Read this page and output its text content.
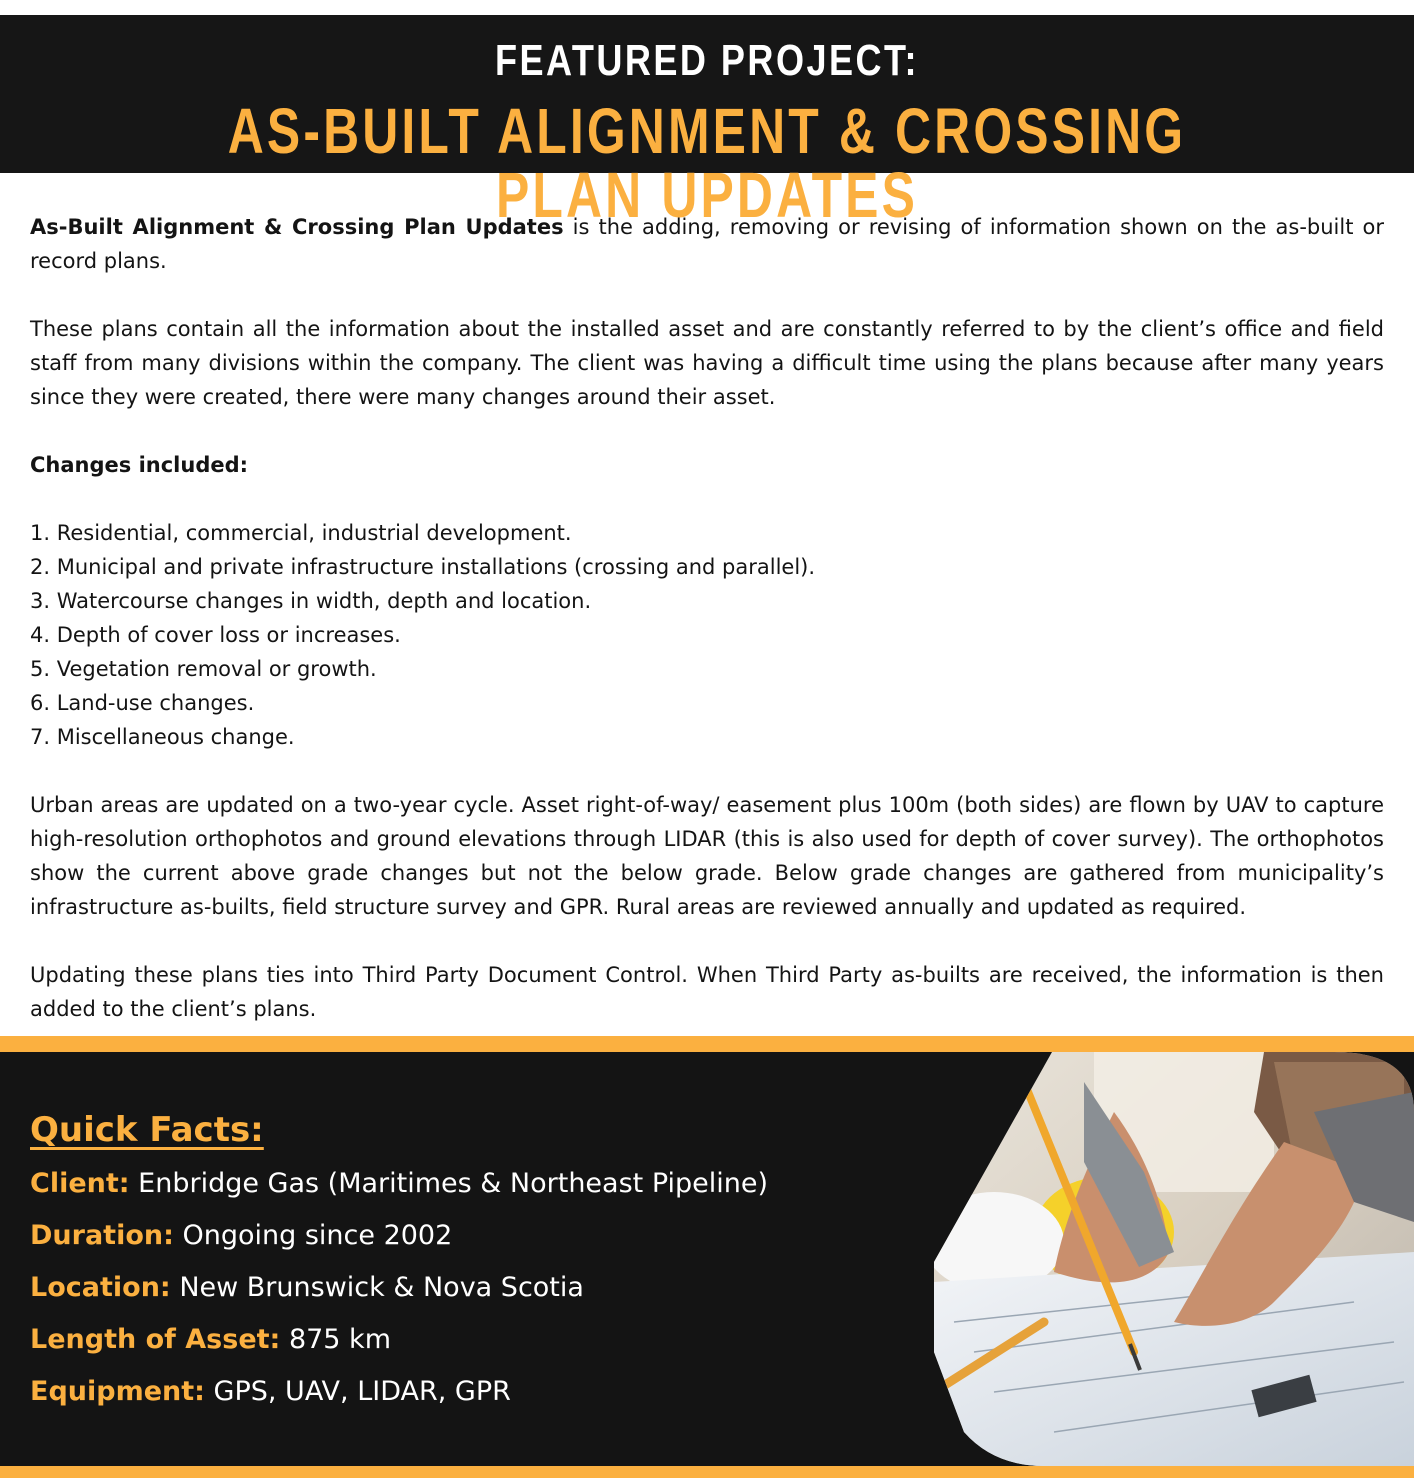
FEATURED PROJECT:
AS-BUILT ALIGNMENT & CROSSING PLAN UPDATES

As-Built Alignment & Crossing Plan Updates is the adding, removing or revising of information shown on the as-built or record plans.

These plans contain all the information about the installed asset and are constantly referred to by the client’s office and field staff from many divisions within the company. The client was having a difficult time using the plans because after many years since they were created, there were many changes around their asset.

Changes included:

1. Residential, commercial, industrial development.
2. Municipal and private infrastructure installations (crossing and parallel).
3. Watercourse changes in width, depth and location.
4. Depth of cover loss or increases.
5. Vegetation removal or growth.
6. Land-use changes.
7. Miscellaneous change.

Urban areas are updated on a two-year cycle. Asset right-of-way/ easement plus 100m (both sides) are flown by UAV to capture high-resolution orthophotos and ground elevations through LIDAR (this is also used for depth of cover survey). The orthophotos show the current above grade changes but not the below grade. Below grade changes are gathered from municipality’s infrastructure as-builts, field structure survey and GPR. Rural areas are reviewed annually and updated as required.

Updating these plans ties into Third Party Document Control. When Third Party as-builts are received, the information is then added to the client’s plans.

Quick Facts:
Client: Enbridge Gas (Maritimes & Northeast Pipeline)
Duration: Ongoing since 2002
Location: New Brunswick & Nova Scotia
Length of Asset: 875 km
Equipment: GPS, UAV, LIDAR, GPR
